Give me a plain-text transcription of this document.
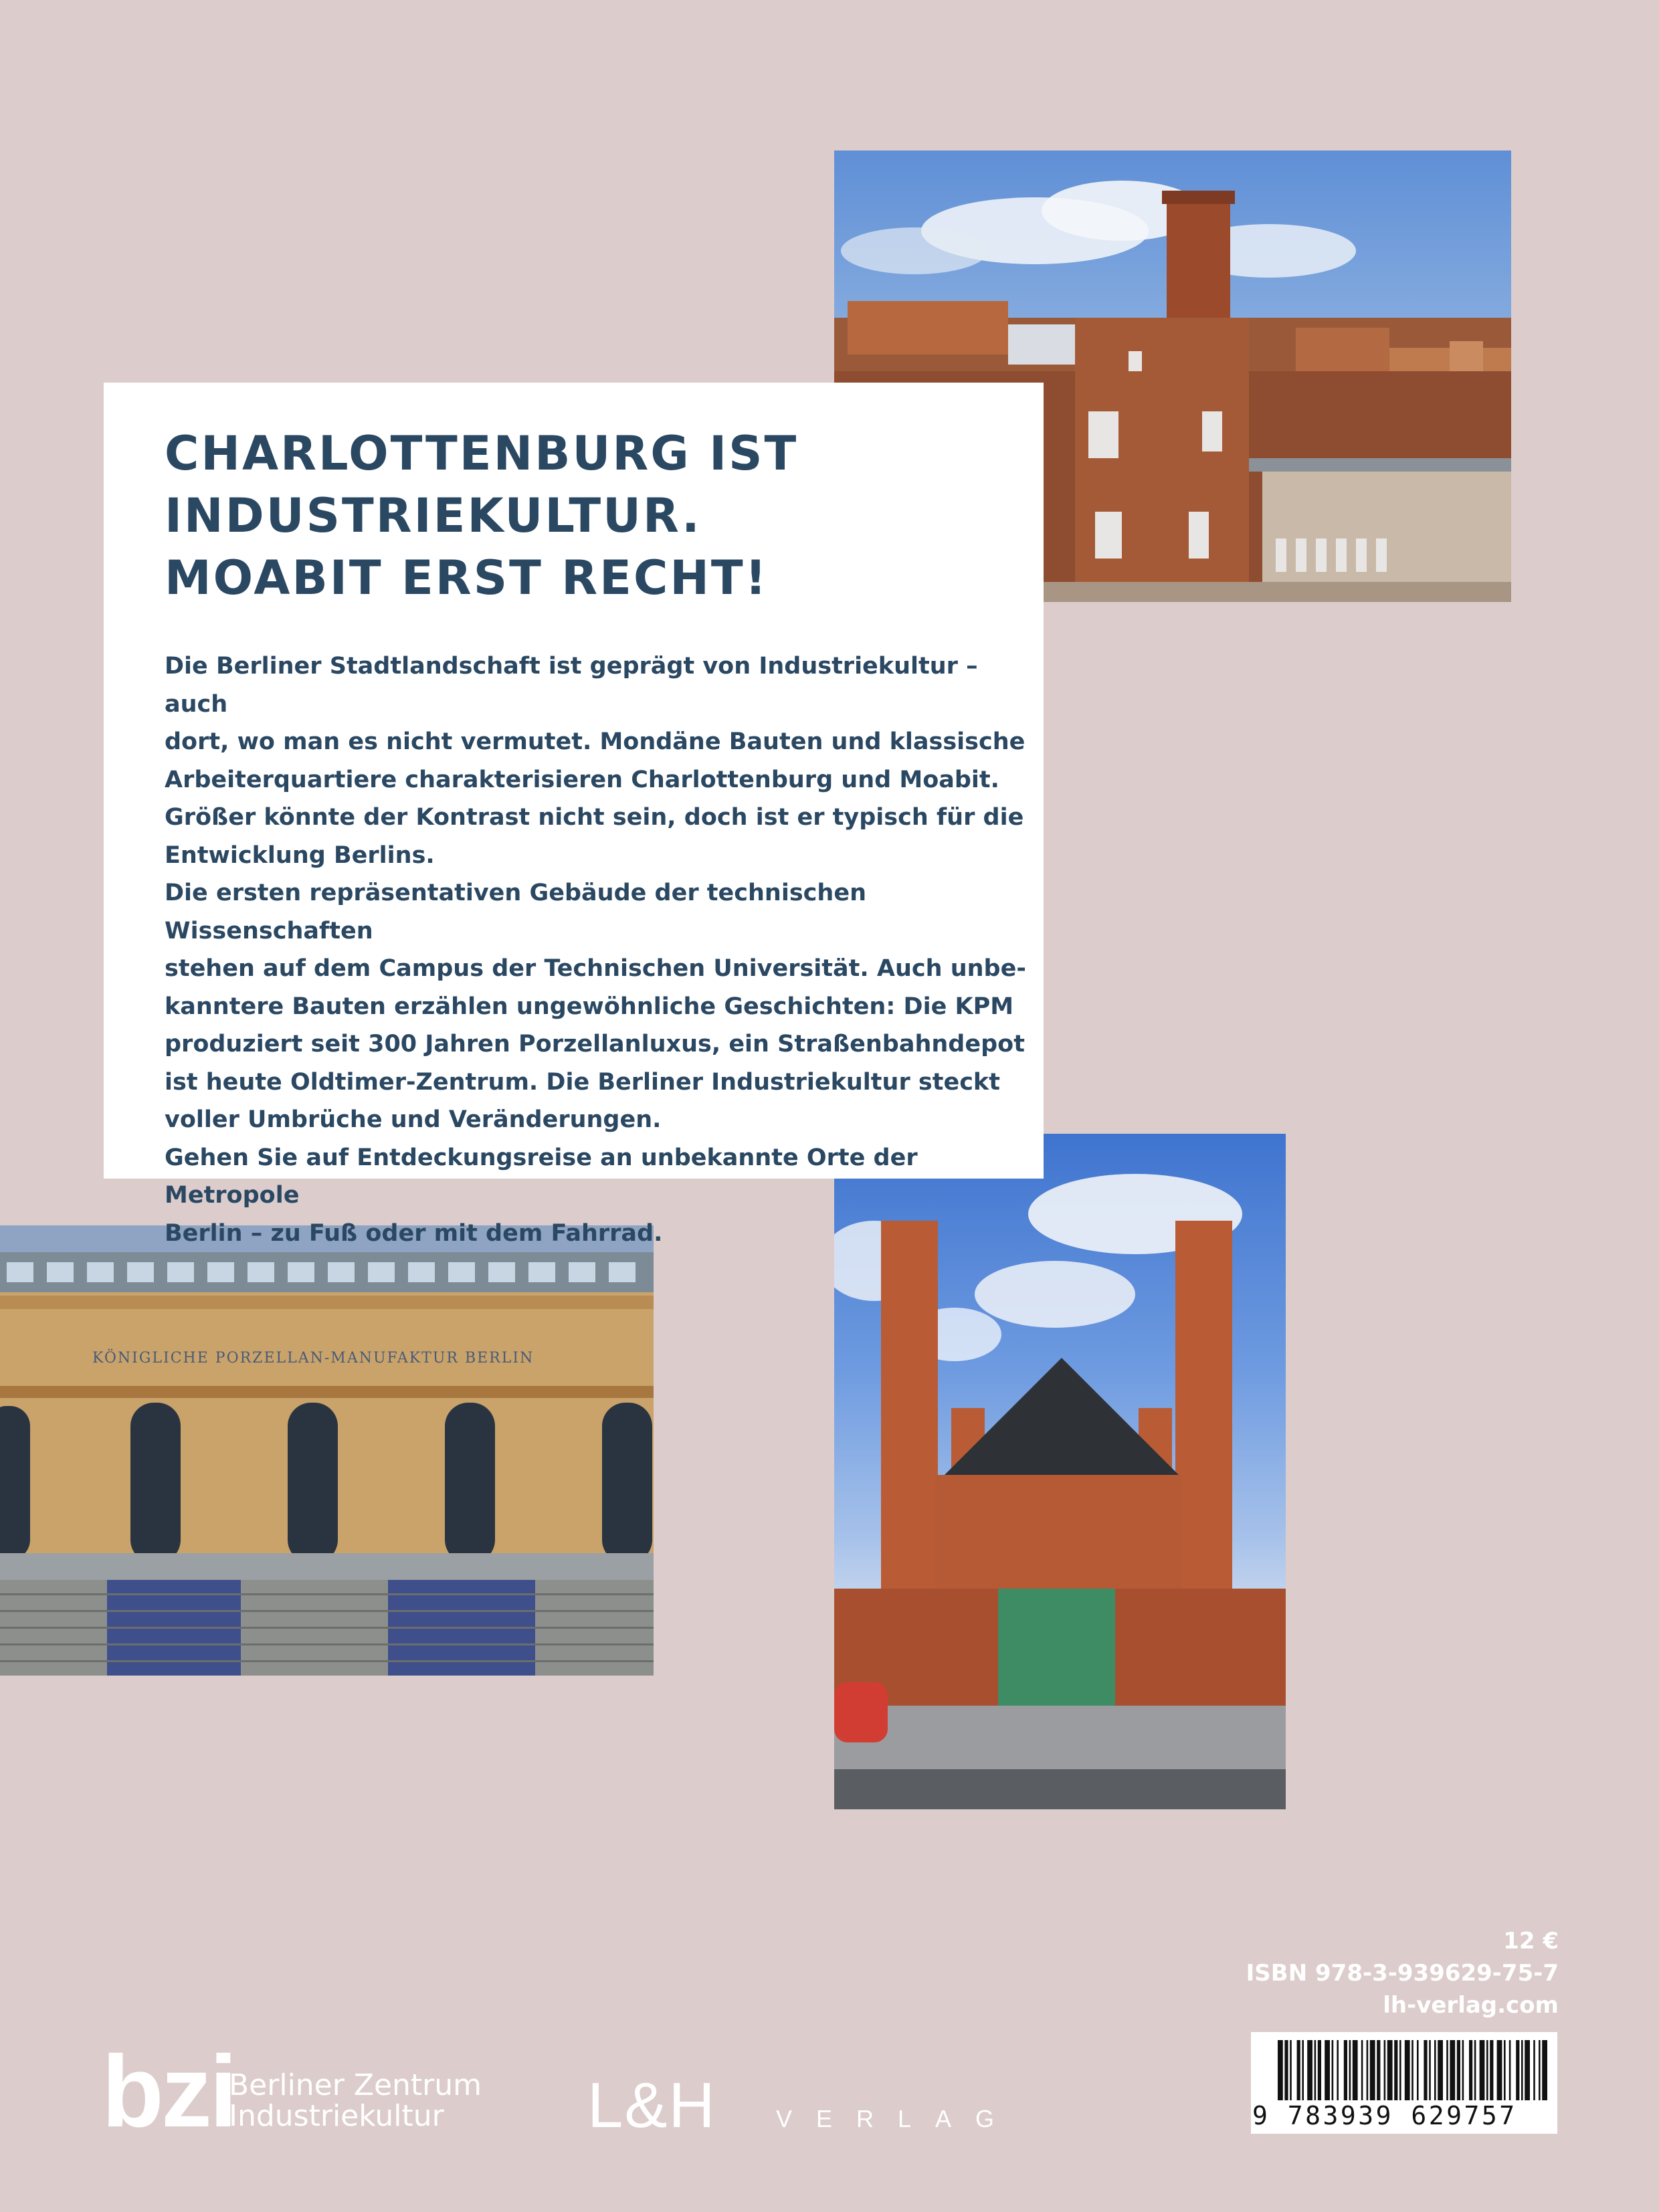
KÖNIGLICHE PORZELLAN-MANUFAKTUR BERLIN
CHARLOTTENBURG IST
INDUSTRIEKULTUR.
MOABIT ERST RECHT!

Die Berliner Stadtlandschaft ist geprägt von Industriekultur – auch
dort, wo man es nicht vermutet. Mondäne Bauten und klassische
Arbeiterquartiere charakterisieren Charlottenburg und Moabit.
Größer könnte der Kontrast nicht sein, doch ist er typisch für die
Entwicklung Berlins.

Die ersten repräsentativen Gebäude der technischen Wissenschaften
stehen auf dem Campus der Technischen Universität. Auch unbe-
kanntere Bauten erzählen ungewöhnliche Geschichten: Die KPM
produziert seit 300 Jahren Porzellanluxus, ein Straßenbahndepot
ist heute Oldtimer-Zentrum. Die Berliner Industriekultur steckt
voller Umbrüche und Veränderungen.

Gehen Sie auf Entdeckungsreise an unbekannte Orte der Metropole
Berlin – zu Fuß oder mit dem Fahrrad.

12 €
ISBN 978-3-939629-75-7
lh-verlag.com
9 783939 629757
bzi
Berliner Zentrum
Industriekultur	L&H VERLAG
